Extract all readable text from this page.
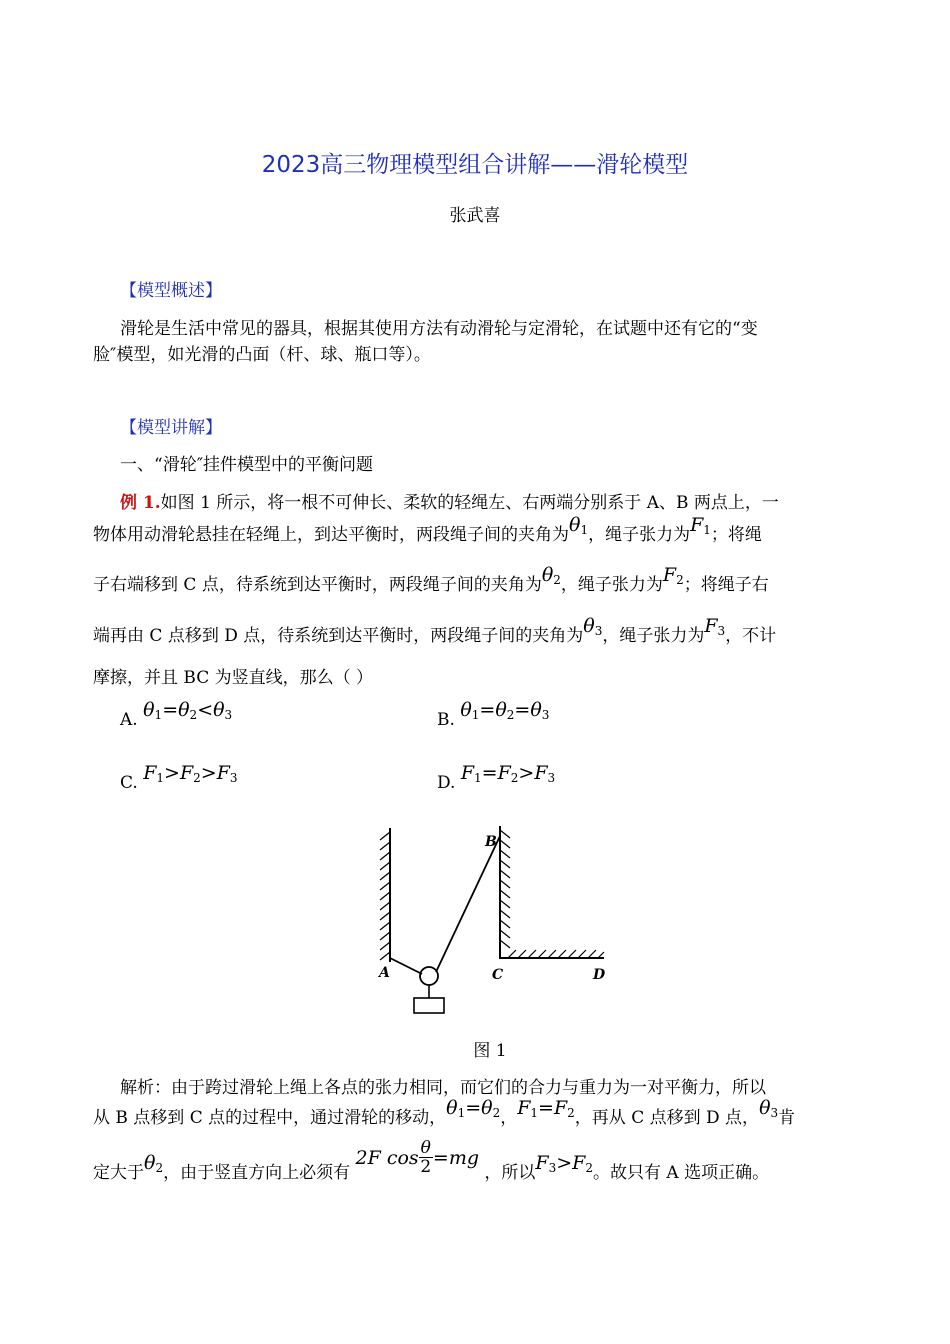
2023高三物理模型组合讲解——滑轮模型
张武喜
【模型概述】
滑轮是生活中常见的器具，根据其使用方法有动滑轮与定滑轮，在试题中还有它的“变
脸″模型，如光滑的凸面（杆、球、瓶口等）。
【模型讲解】
一、“滑轮″挂件模型中的平衡问题
例 1.如图 1 所示，将一根不可伸长、柔软的轻绳左、右两端分别系于 A、B 两点上，一
物体用动滑轮悬挂在轻绳上，到达平衡时，两段绳子间的夹角为$\theta_1$，绳子张力为$F_1$；将绳
子右端移到 C 点，待系统到达平衡时，两段绳子间的夹角为$\theta_2$，绳子张力为$F_2$；将绳子右
端再由 C 点移到 D 点，待系统到达平衡时，两段绳子间的夹角为$\theta_3$，绳子张力为$F_3$，不计
摩擦，并且 BC 为竖直线，那么（ ）
A. $\theta_1=\theta_2<\theta_3$	B. $\theta_1=\theta_2=\theta_3$
C. $F_1>F_2>F_3$	D. $F_1=F_2>F_3$
A
B
C	D
图 1
解析：由于跨过滑轮上绳上各点的张力相同，而它们的合力与重力为一对平衡力，所以
从 B 点移到 C 点的过程中，通过滑轮的移动，$\theta_1=\theta_2$，$F_1=F_2$，再从 C 点移到 D 点，$\theta_3$肯
定大于$\theta_2$，由于竖直方向上必须有 2F $\cos \frac{\theta}{2} =mg$ ，所以$F_3>F_2$。故只有 A 选项正确。
